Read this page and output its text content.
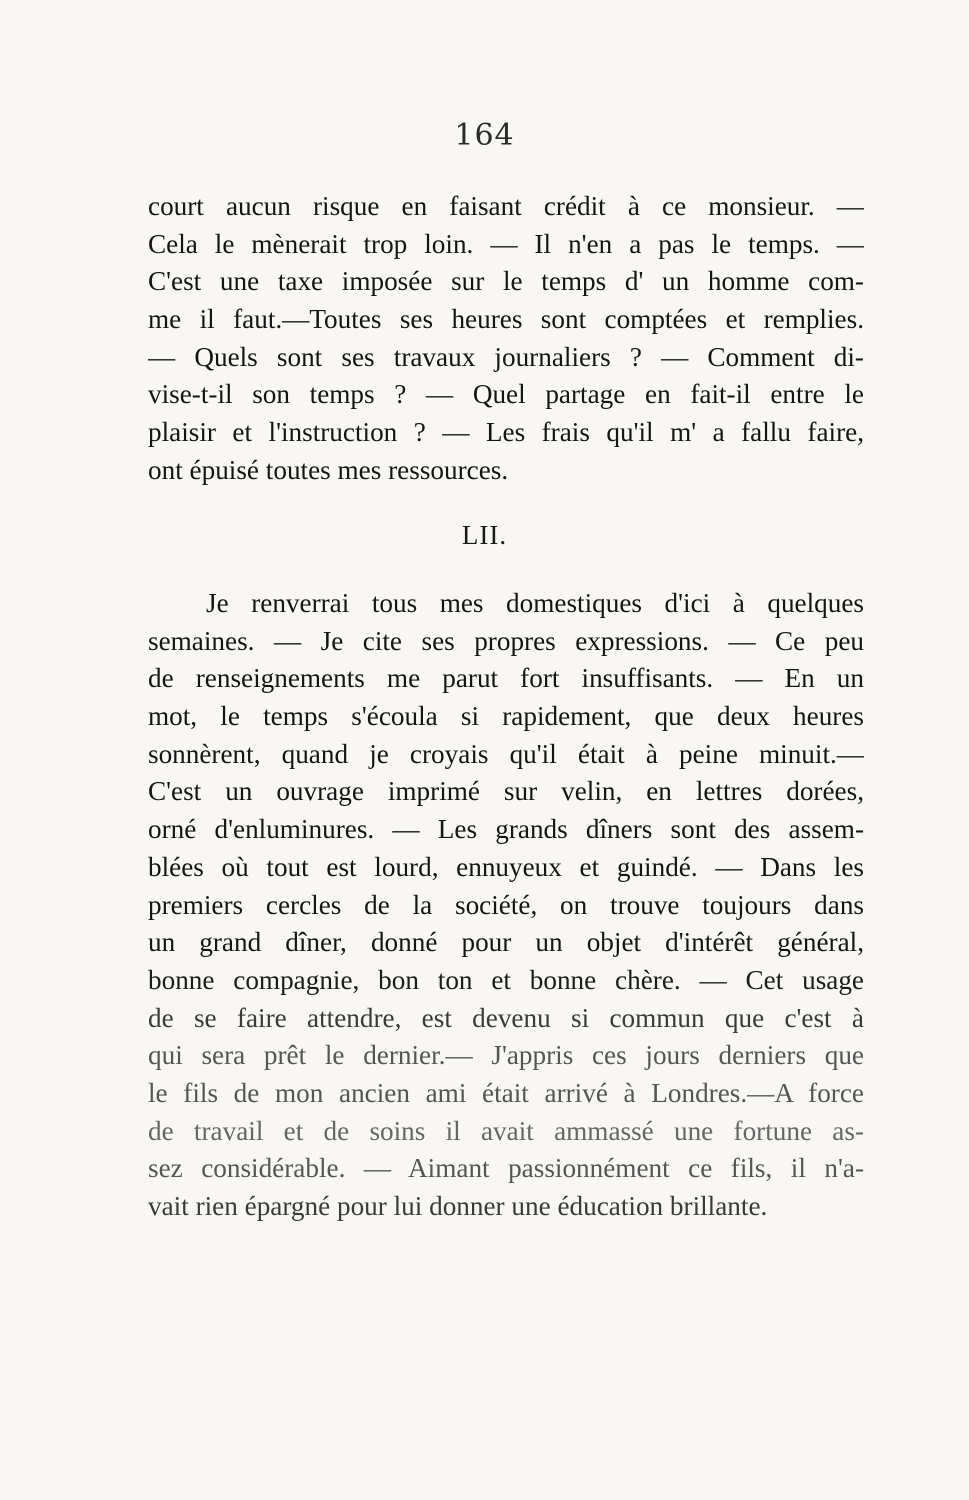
164
court aucun risque en faisant crédit à ce monsieur. —
Cela le mènerait trop loin. — Il n'en a pas le temps. —
C'est une taxe imposée sur le temps d' un homme com-
me il faut.—Toutes ses heures sont comptées et remplies.
— Quels sont ses travaux journaliers ? — Comment di-
vise-t-il son temps ? — Quel partage en fait-il entre le
plaisir et l'instruction ? — Les frais qu'il m' a fallu faire,
ont épuisé toutes mes ressources.
LII.
Je renverrai tous mes domestiques d'ici à quelques
semaines. — Je cite ses propres expressions. — Ce peu
de renseignements me parut fort insuffisants. — En un
mot, le temps s'écoula si rapidement, que deux heures
sonnèrent, quand je croyais qu'il était à peine minuit.—
C'est un ouvrage imprimé sur velin, en lettres dorées,
orné d'enluminures. — Les grands dîners sont des assem-
blées où tout est lourd, ennuyeux et guindé. — Dans les
premiers cercles de la société, on trouve toujours dans
un grand dîner, donné pour un objet d'intérêt général,
bonne compagnie, bon ton et bonne chère. — Cet usage
de se faire attendre, est devenu si commun que c'est à
qui sera prêt le dernier.— J'appris ces jours derniers que
le fils de mon ancien ami était arrivé à Londres.—A force
de travail et de soins il avait ammassé une fortune as-
sez considérable. — Aimant passionnément ce fils, il n'a-
vait rien épargné pour lui donner une éducation brillante.
